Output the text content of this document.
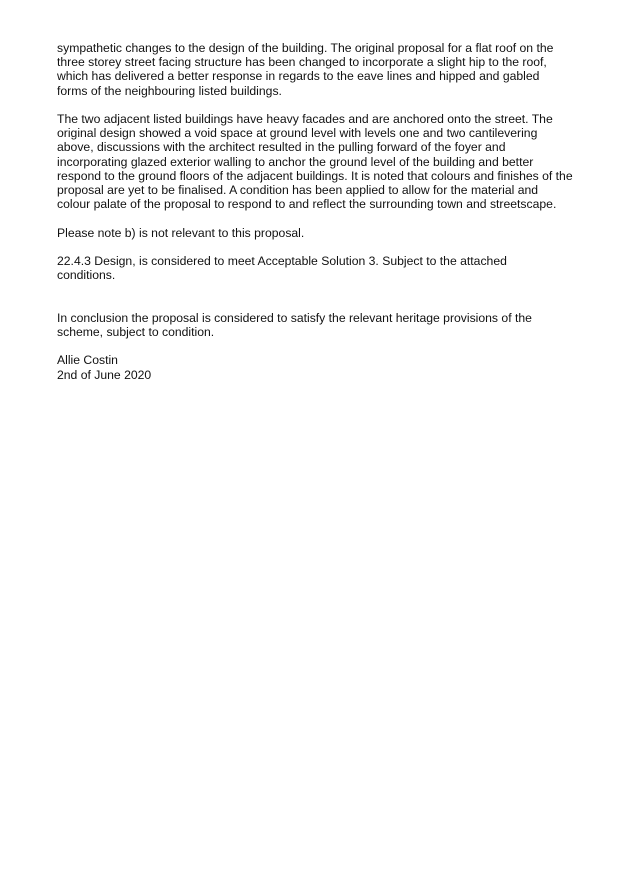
sympathetic changes to the design of the building. The original proposal for a flat roof on the
three storey street facing structure has been changed to incorporate a slight hip to the roof,
which has delivered a better response in regards to the eave lines and hipped and gabled
forms of the neighbouring listed buildings.

The two adjacent listed buildings have heavy facades and are anchored onto the street. The
original design showed a void space at ground level with levels one and two cantilevering
above, discussions with the architect resulted in the pulling forward of the foyer and
incorporating glazed exterior walling to anchor the ground level of the building and better
respond to the ground floors of the adjacent buildings. It is noted that colours and finishes of the
proposal are yet to be finalised. A condition has been applied to allow for the material and
colour palate of the proposal to respond to and reflect the surrounding town and streetscape.

Please note b) is not relevant to this proposal.

22.4.3 Design, is considered to meet Acceptable Solution 3. Subject to the attached
conditions.

In conclusion the proposal is considered to satisfy the relevant heritage provisions of the
scheme, subject to condition.

Allie Costin
2nd of June 2020
